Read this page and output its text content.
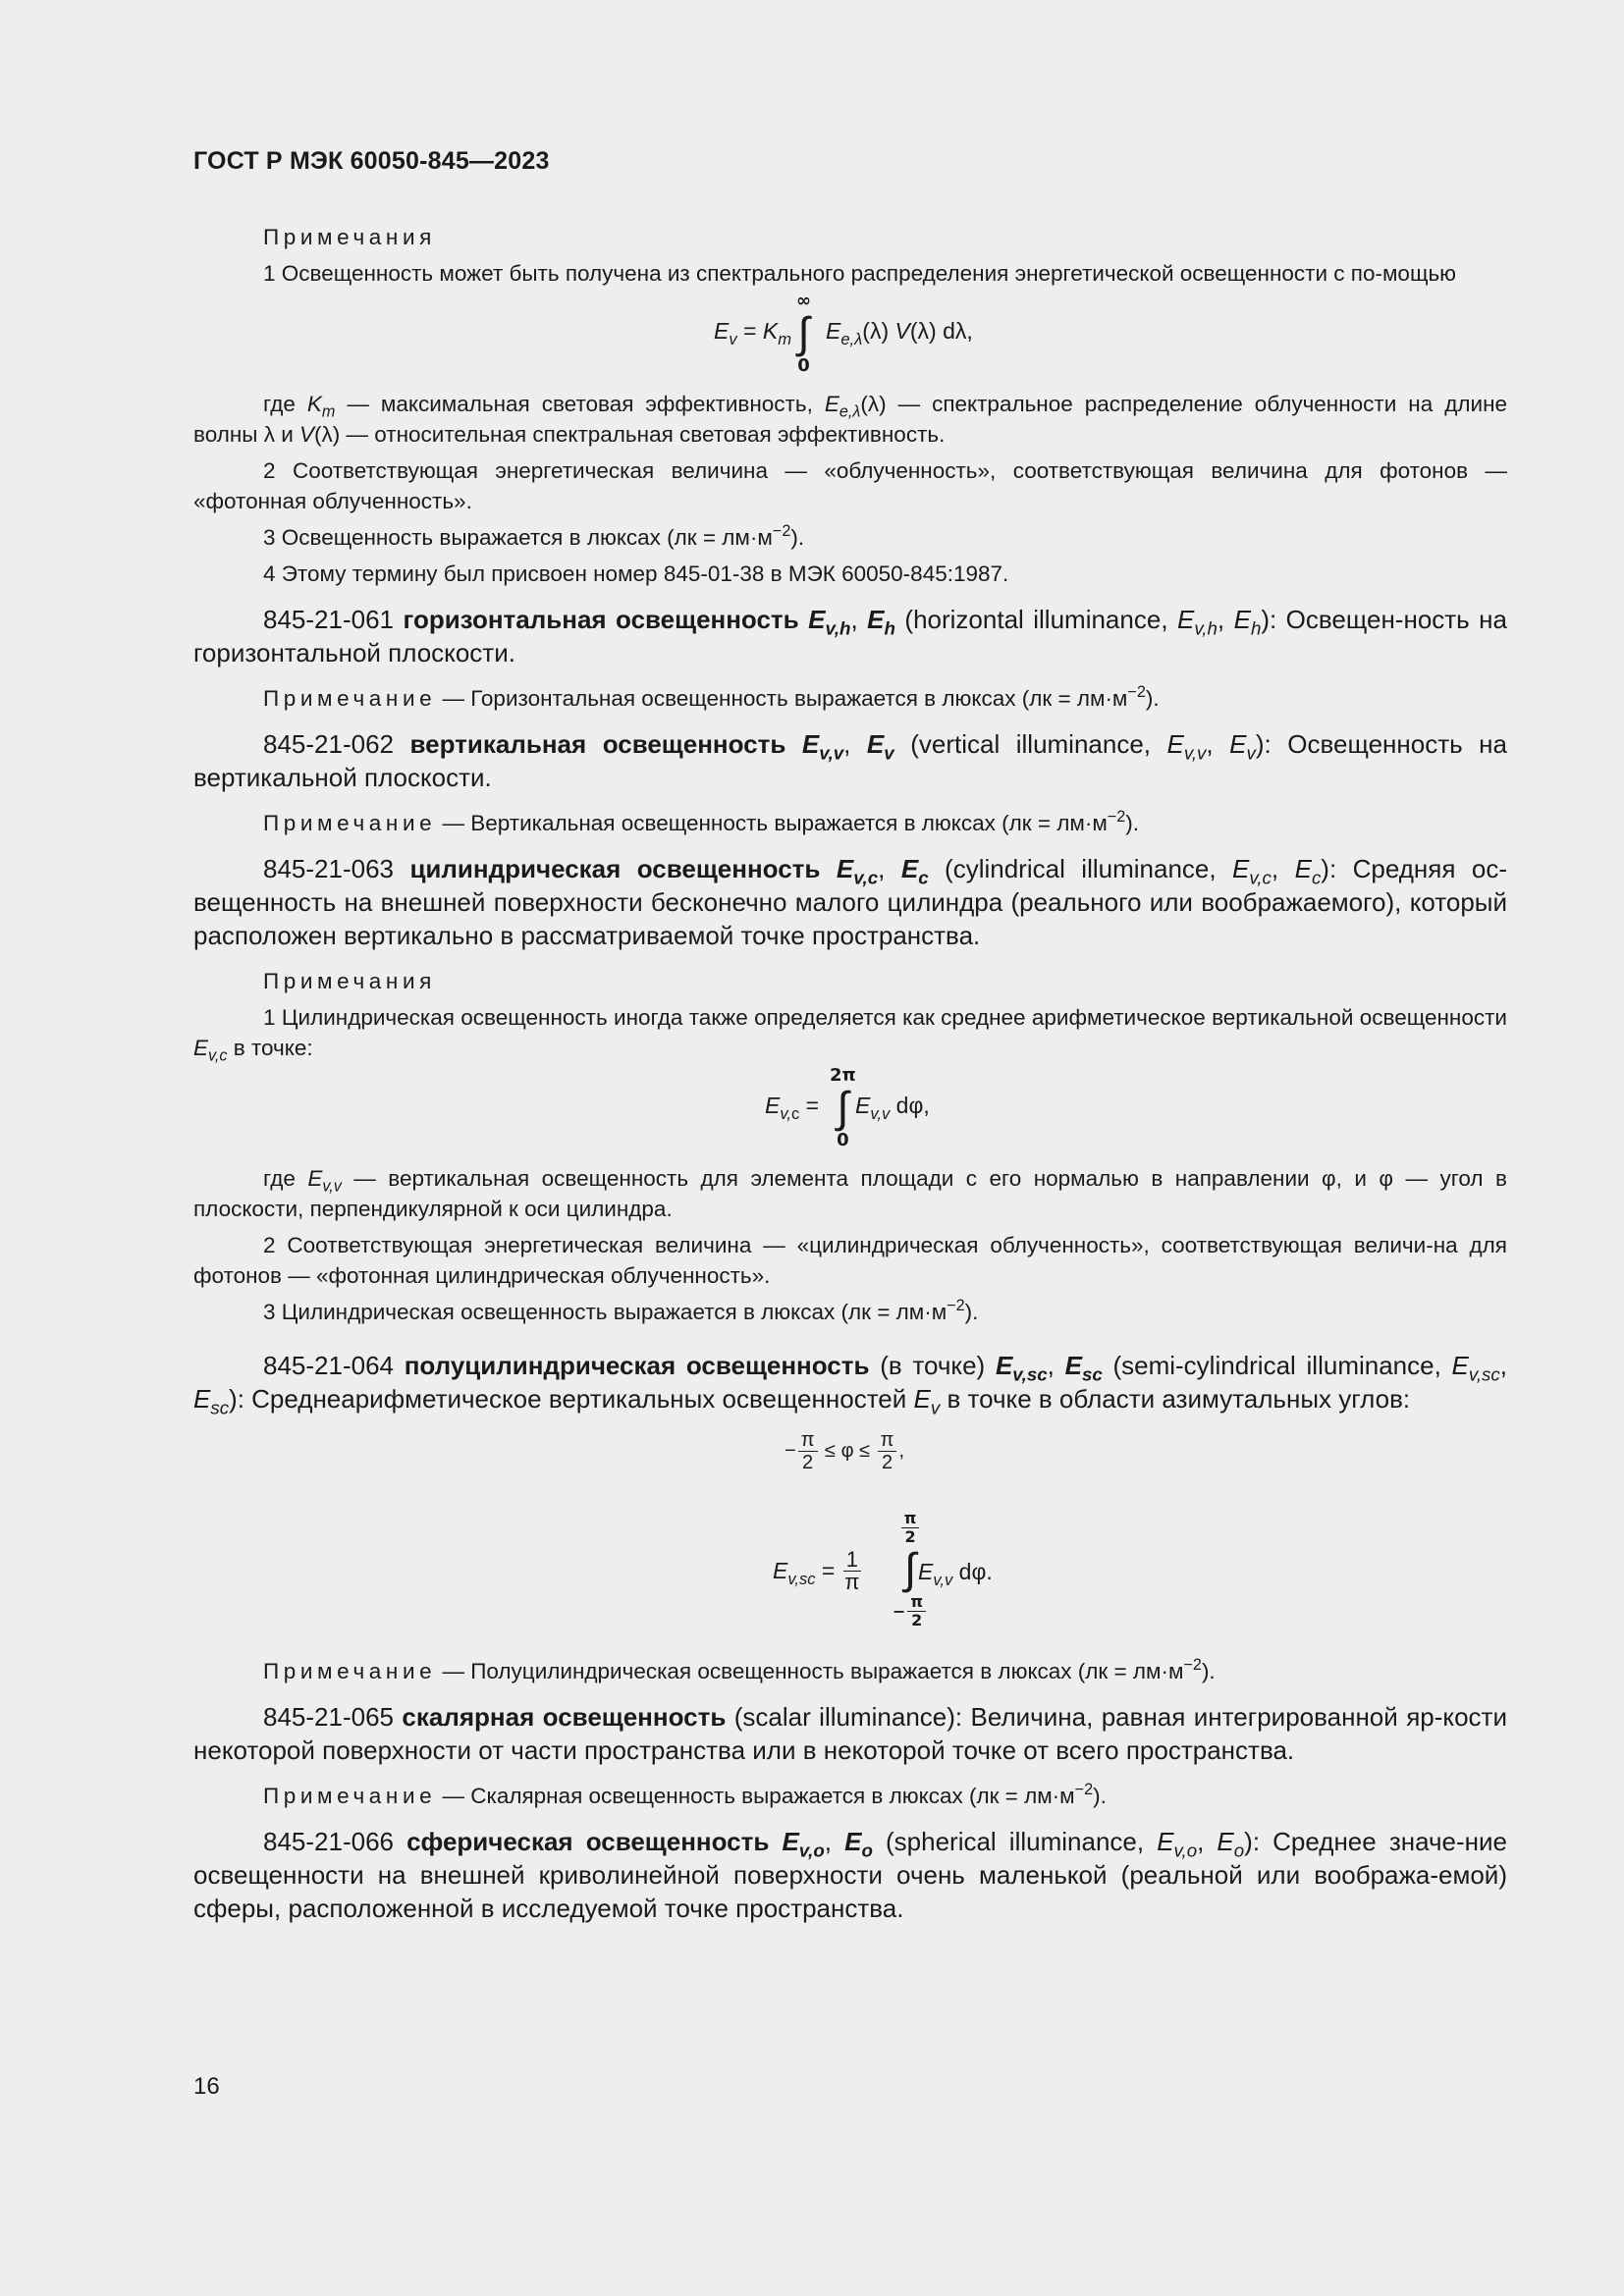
ГОСТ Р МЭК 60050-845—2023

Примечания

1 Освещенность может быть получена из спектрального распределения энергетической освещенности с по-мощью

$E_v = K_m$
∞
∫
0
$E_{e,\lambda}(\lambda)$ V(λ) dλ,

где $K_m$ — максимальная световая эффективность, $E_{e,\lambda}(\lambda)$ — спектральное распределение облученности на длине волны λ и V(λ) — относительная спектральная световая эффективность.

2 Соответствующая энергетическая величина — «облученность», соответствующая величина для фотонов — «фотонная облученность».

3 Освещенность выражается в люксах $(лк = лм\cdot м^{-2})$.

4 Этому термину был присвоен номер 845-01-38 в МЭК 60050-845:1987.

845-21-061 горизонтальная освещенность $E_{v,h}$, $E_h$ (horizontal illuminance, $E_{v,h}$, $E_h$): Освещен-ность на горизонтальной плоскости.

Примечание — Горизонтальная освещенность выражается в люксах $(лк = лм\cdot м^{-2})$.

845-21-062 вертикальная освещенность $E_{v,v}$, $E_v$ (vertical illuminance, $E_{v,v}$, $E_v$): Освещенность на вертикальной плоскости.

Примечание — Вертикальная освещенность выражается в люксах $(лк = лм\cdot м^{-2})$.

845-21-063 цилиндрическая освещенность $E_{v,c}$, $E_c$ (cylindrical illuminance, $E_{v,c}$, $E_c$): Средняя ос-вещенность на внешней поверхности бесконечно малого цилиндра (реального или воображаемого), который расположен вертикально в рассматриваемой точке пространства.

Примечания

1 Цилиндрическая освещенность иногда также определяется как среднее арифметическое вертикальной освещенности $E_{v,c}$ в точке:

$E_{v,c}$ =
2π
∫
0
$E_{v,v}$ dφ,

где $E_{v,v}$ — вертикальная освещенность для элемента площади с его нормалью в направлении φ, и φ — угол в плоскости, перпендикулярной к оси цилиндра.

2 Соответствующая энергетическая величина — «цилиндрическая облученность», соответствующая величи-на для фотонов — «фотонная цилиндрическая облученность».

3 Цилиндрическая освещенность выражается в люксах $(лк = лм\cdot м^{-2})$.

845-21-064 полуцилиндрическая освещенность (в точке) $E_{v,sc}$, $E_{sc}$ (semi-cylindrical illuminance, $E_{v,sc}$, $E_{sc}$): Среднеарифметическое вертикальных освещенностей $E_v$ в точке в области азимутальных углов:

− $\frac{\pi}{2} \le \varphi \le \frac{\pi}{2}$ ,
$E_{v,sc} = \frac{1}{\pi}$
$\frac{\pi}{2}$
∫
− $\frac{\pi}{2}$
$E_{v,v}$ dφ.

Примечание — Полуцилиндрическая освещенность выражается в люксах $(лк = лм\cdot м^{-2})$.

845-21-065 скалярная освещенность (scalar illuminance): Величина, равная интегрированной яр-кости некоторой поверхности от части пространства или в некоторой точке от всего пространства.

Примечание — Скалярная освещенность выражается в люксах $(лк = лм\cdot м^{-2})$.

845-21-066 сферическая освещенность $E_{v,o}$, $E_o$ (spherical illuminance, $E_{v,o}$, $E_o$): Среднее значе-ние освещенности на внешней криволинейной поверхности очень маленькой (реальной или вообража-емой) сферы, расположенной в исследуемой точке пространства.

16
